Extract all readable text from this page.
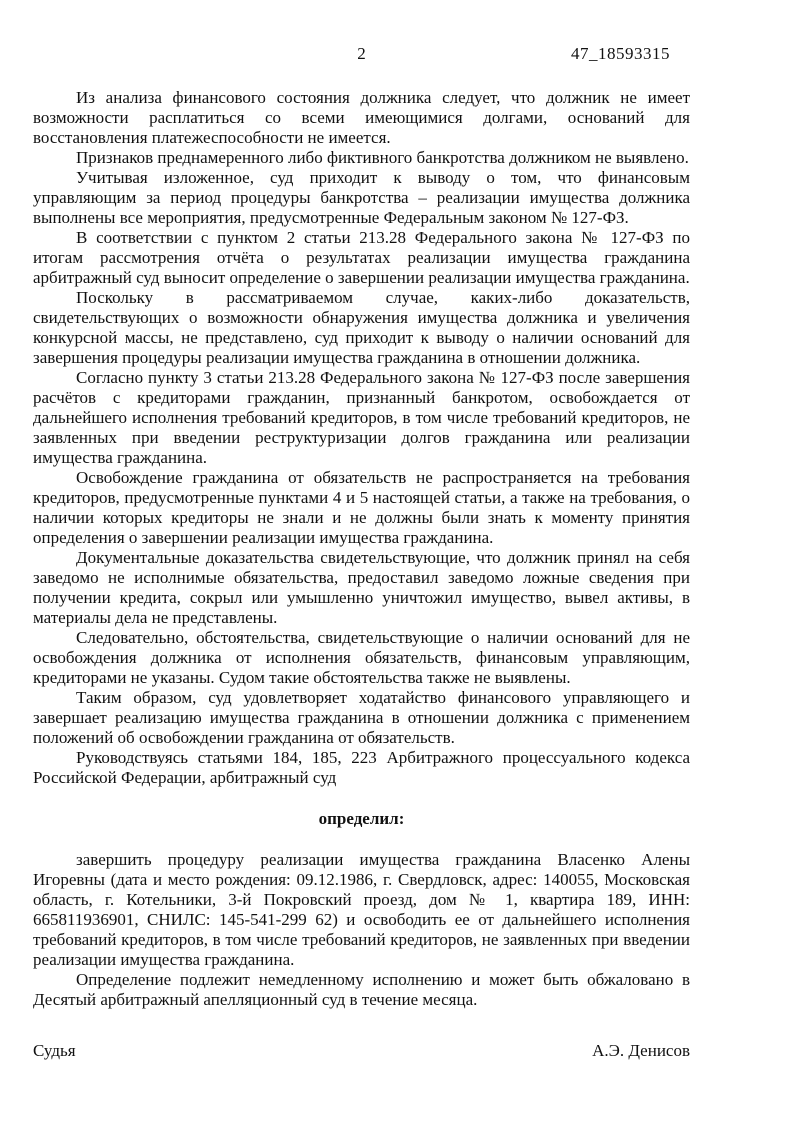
2	47_18593315

Из анализа финансового состояния должника следует, что должник не имеет возможности расплатиться со всеми имеющимися долгами, оснований для восстановления платежеспособности не имеется.

Признаков преднамеренного либо фиктивного банкротства должником не выявлено.

Учитывая изложенное, суд приходит к выводу о том, что финансовым управляющим за период процедуры банкротства – реализации имущества должника выполнены все мероприятия, предусмотренные Федеральным законом № 127-ФЗ.

В соответствии с пунктом 2 статьи 213.28 Федерального закона № 127-ФЗ по итогам рассмотрения отчёта о результатах реализации имущества гражданина арбитражный суд выносит определение о завершении реализации имущества гражданина.

Поскольку в рассматриваемом случае, каких-либо доказательств, свидетельствующих о возможности обнаружения имущества должника и увеличения конкурсной массы, не представлено, суд приходит к выводу о наличии оснований для завершения процедуры реализации имущества гражданина в отношении должника.

Согласно пункту 3 статьи 213.28 Федерального закона № 127-ФЗ после завершения расчётов с кредиторами гражданин, признанный банкротом, освобождается от дальнейшего исполнения требований кредиторов, в том числе требований кредиторов, не заявленных при введении реструктуризации долгов гражданина или реализации имущества гражданина.

Освобождение гражданина от обязательств не распространяется на требования кредиторов, предусмотренные пунктами 4 и 5 настоящей статьи, а также на требования, о наличии которых кредиторы не знали и не должны были знать к моменту принятия определения о завершении реализации имущества гражданина.

Документальные доказательства свидетельствующие, что должник принял на себя заведомо не исполнимые обязательства, предоставил заведомо ложные сведения при получении кредита, сокрыл или умышленно уничтожил имущество, вывел активы, в материалы дела не представлены.

Следовательно, обстоятельства, свидетельствующие о наличии оснований для не освобождения должника от исполнения обязательств, финансовым управляющим, кредиторами не указаны. Судом такие обстоятельства также не выявлены.

Таким образом, суд удовлетворяет ходатайство финансового управляющего и завершает реализацию имущества гражданина в отношении должника с применением положений об освобождении гражданина от обязательств.

Руководствуясь статьями 184, 185, 223 Арбитражного процессуального кодекса Российской Федерации, арбитражный суд

определил:

завершить процедуру реализации имущества гражданина Власенко Алены Игоревны (дата и место рождения: 09.12.1986, г. Свердловск, адрес: 140055, Московская область, г. Котельники, 3-й Покровский проезд, дом № 1, квартира 189, ИНН: 665811936901, СНИЛС: 145-541-299 62) и освободить ее от дальнейшего исполнения требований кредиторов, в том числе требований кредиторов, не заявленных при введении реализации имущества гражданина.

Определение подлежит немедленному исполнению и может быть обжаловано в Десятый арбитражный апелляционный суд в течение месяца.

Судья	А.Э. Денисов
